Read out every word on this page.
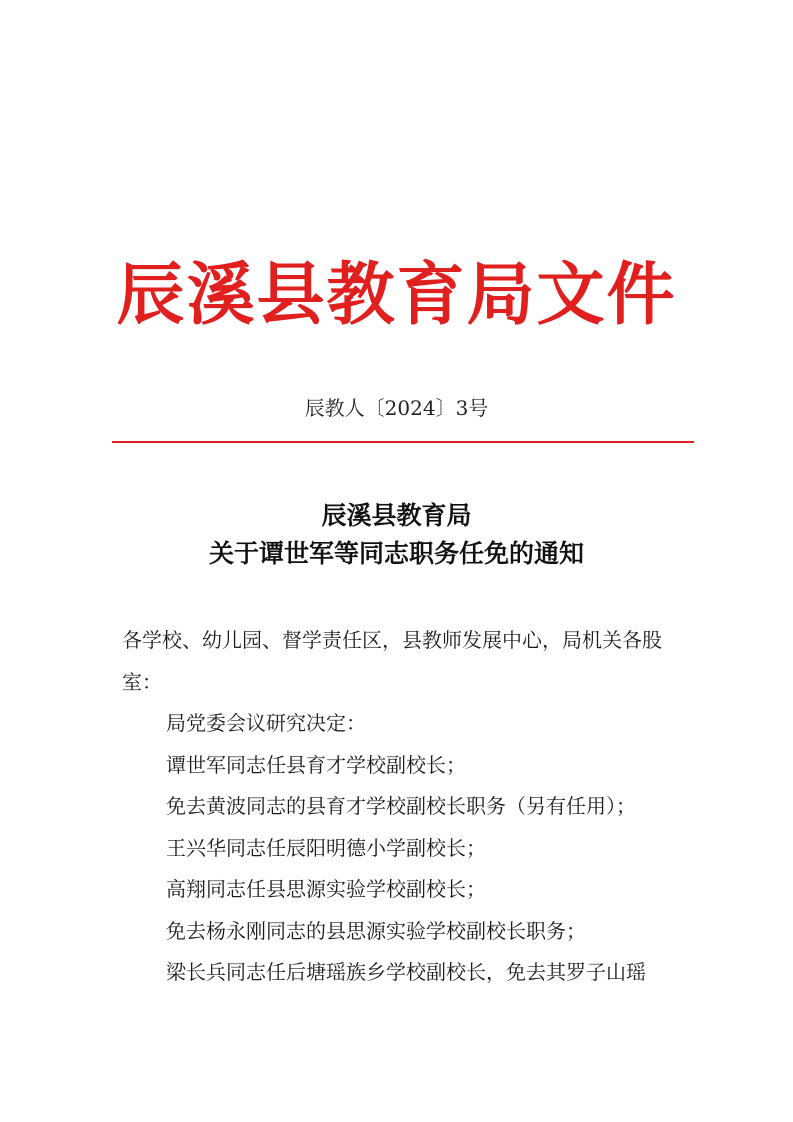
辰溪县教育局文件
辰教人〔2024〕3号
辰溪县教育局
关于谭世军等同志职务任免的通知

各学校、幼儿园、督学责任区，县教师发展中心，局机关各股室：

局党委会议研究决定：

谭世军同志任县育才学校副校长；

免去黄波同志的县育才学校副校长职务（另有任用）；

王兴华同志任辰阳明德小学副校长；

高翔同志任县思源实验学校副校长；

免去杨永刚同志的县思源实验学校副校长职务；

梁长兵同志任后塘瑶族乡学校副校长，免去其罗子山瑶
